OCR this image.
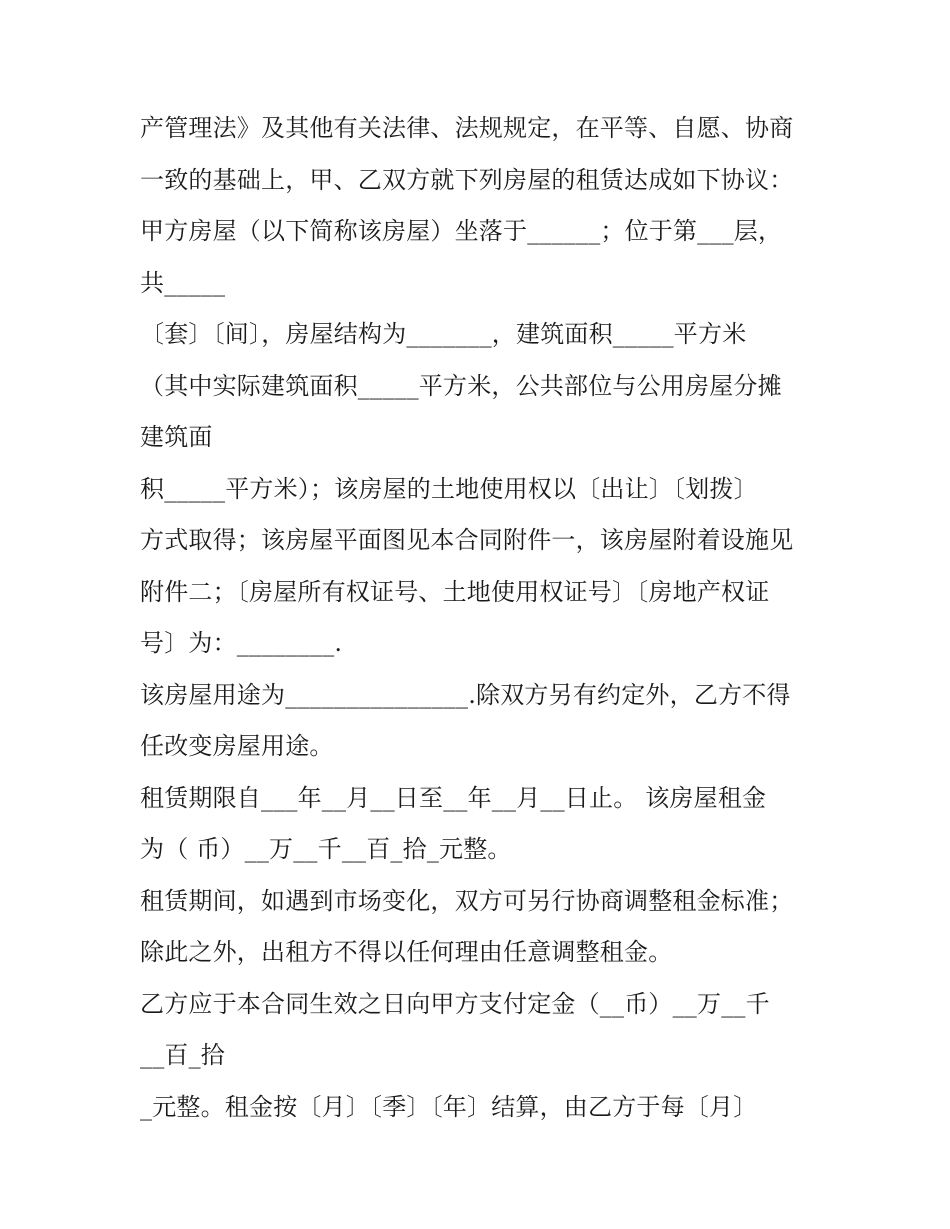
产管理法》及其他有关法律、法规规定，在平等、自愿、协商
一致的基础上，甲、乙双方就下列房屋的租赁达成如下协议：
甲方房屋（以下简称该房屋）坐落于______；位于第___层，
共_____
〔套〕〔间〕，房屋结构为_______，建筑面积_____平方米
（其中实际建筑面积_____平方米，公共部位与公用房屋分摊
建筑面
积_____平方米）；该房屋的土地使用权以〔出让〕〔划拨〕
方式取得；该房屋平面图见本合同附件一，该房屋附着设施见
附件二；〔房屋所有权证号、土地使用权证号〕〔房地产权证
号〕为：________.
该房屋用途为_______________.除双方另有约定外，乙方不得
任改变房屋用途。
租赁期限自___年__月__日至__年__月__日止。 该房屋租金
为（ 币）__万__千__百_拾_元整。
租赁期间，如遇到市场变化，双方可另行协商调整租金标准；
除此之外，出租方不得以任何理由任意调整租金。
乙方应于本合同生效之日向甲方支付定金（__币）__万__千
__百_拾
_元整。租金按〔月〕〔季〕〔年〕结算，由乙方于每〔月〕
